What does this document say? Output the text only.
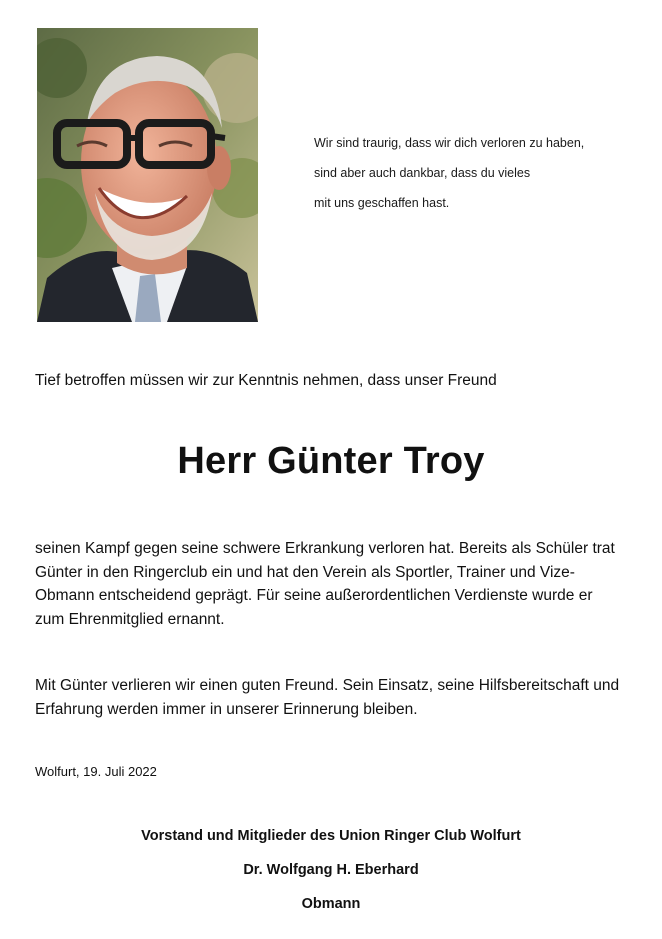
Wir sind traurig, dass wir dich verloren zu haben,
sind aber auch dankbar, dass du vieles
mit uns geschaffen hast.
Tief betroffen müssen wir zur Kenntnis nehmen, dass unser Freund
Herr Günter Troy
seinen Kampf gegen seine schwere Erkrankung verloren hat. Bereits als Schüler trat
Günter in den Ringerclub ein und hat den Verein als Sportler, Trainer und Vize-
Obmann entscheidend geprägt. Für seine außerordentlichen Verdienste wurde er
zum Ehrenmitglied ernannt.
Mit Günter verlieren wir einen guten Freund. Sein Einsatz, seine Hilfsbereitschaft und
Erfahrung werden immer in unserer Erinnerung bleiben.
Wolfurt, 19. Juli 2022
Vorstand und Mitglieder des Union Ringer Club Wolfurt
Dr. Wolfgang H. Eberhard
Obmann
